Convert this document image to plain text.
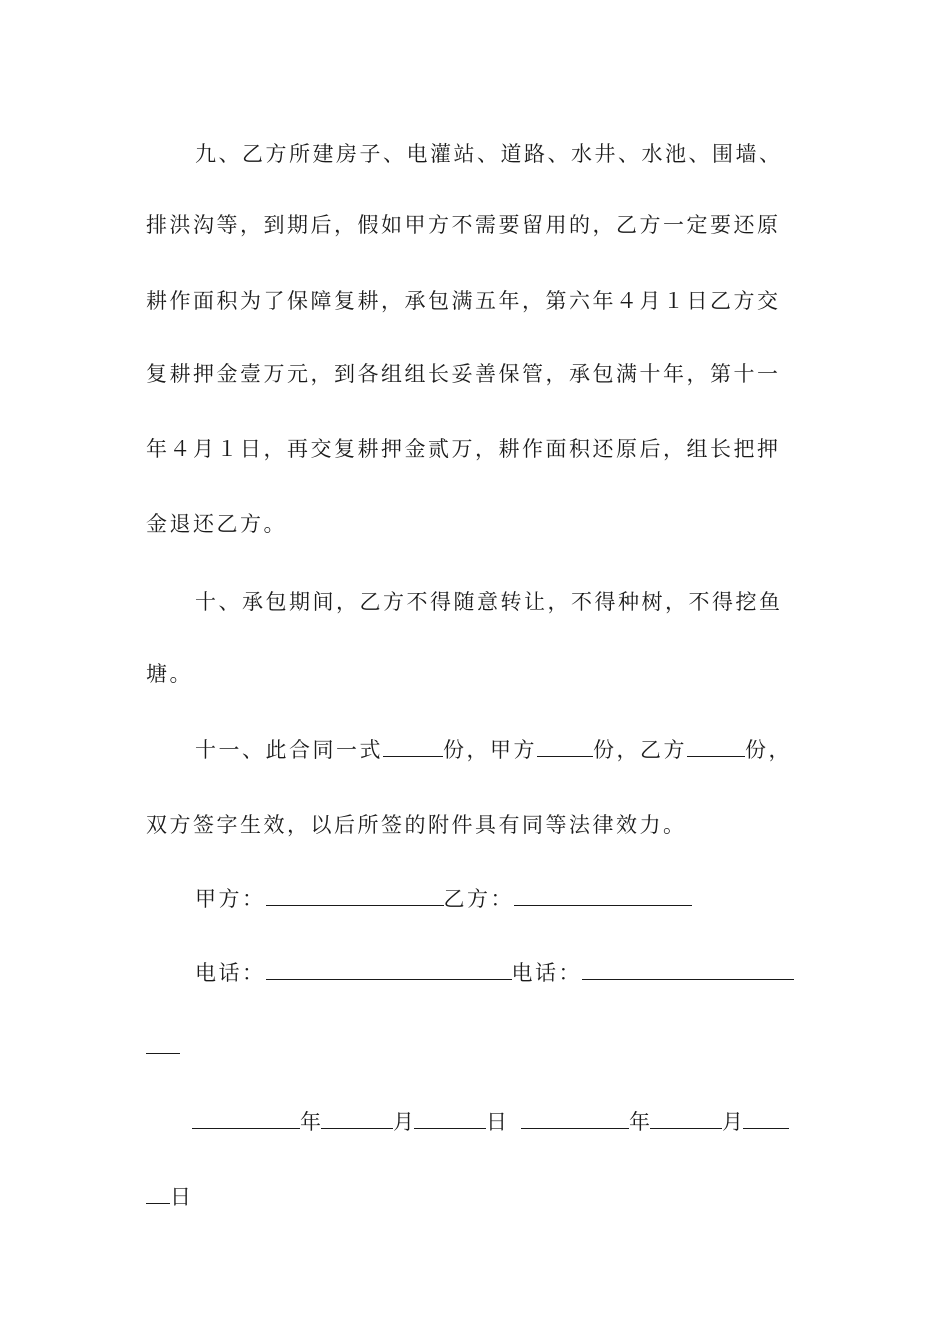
九、乙方所建房子、电灌站、道路、水井、水池、围墙、
排洪沟等，到期后，假如甲方不需要留用的，乙方一定要还原
耕作面积为了保障复耕，承包满五年，第六年４月１日乙方交
复耕押金壹万元，到各组组长妥善保管，承包满十年，第十一
年４月１日，再交复耕押金贰万，耕作面积还原后，组长把押
金退还乙方。
十、承包期间，乙方不得随意转让，不得种树，不得挖鱼
塘。
十一、此合同一式	份，甲方	份，乙方	份，
双方签字生效，以后所签的附件具有同等法律效力。
甲方：	乙方：
电话：	电话：
年	月	日	年	月
日
